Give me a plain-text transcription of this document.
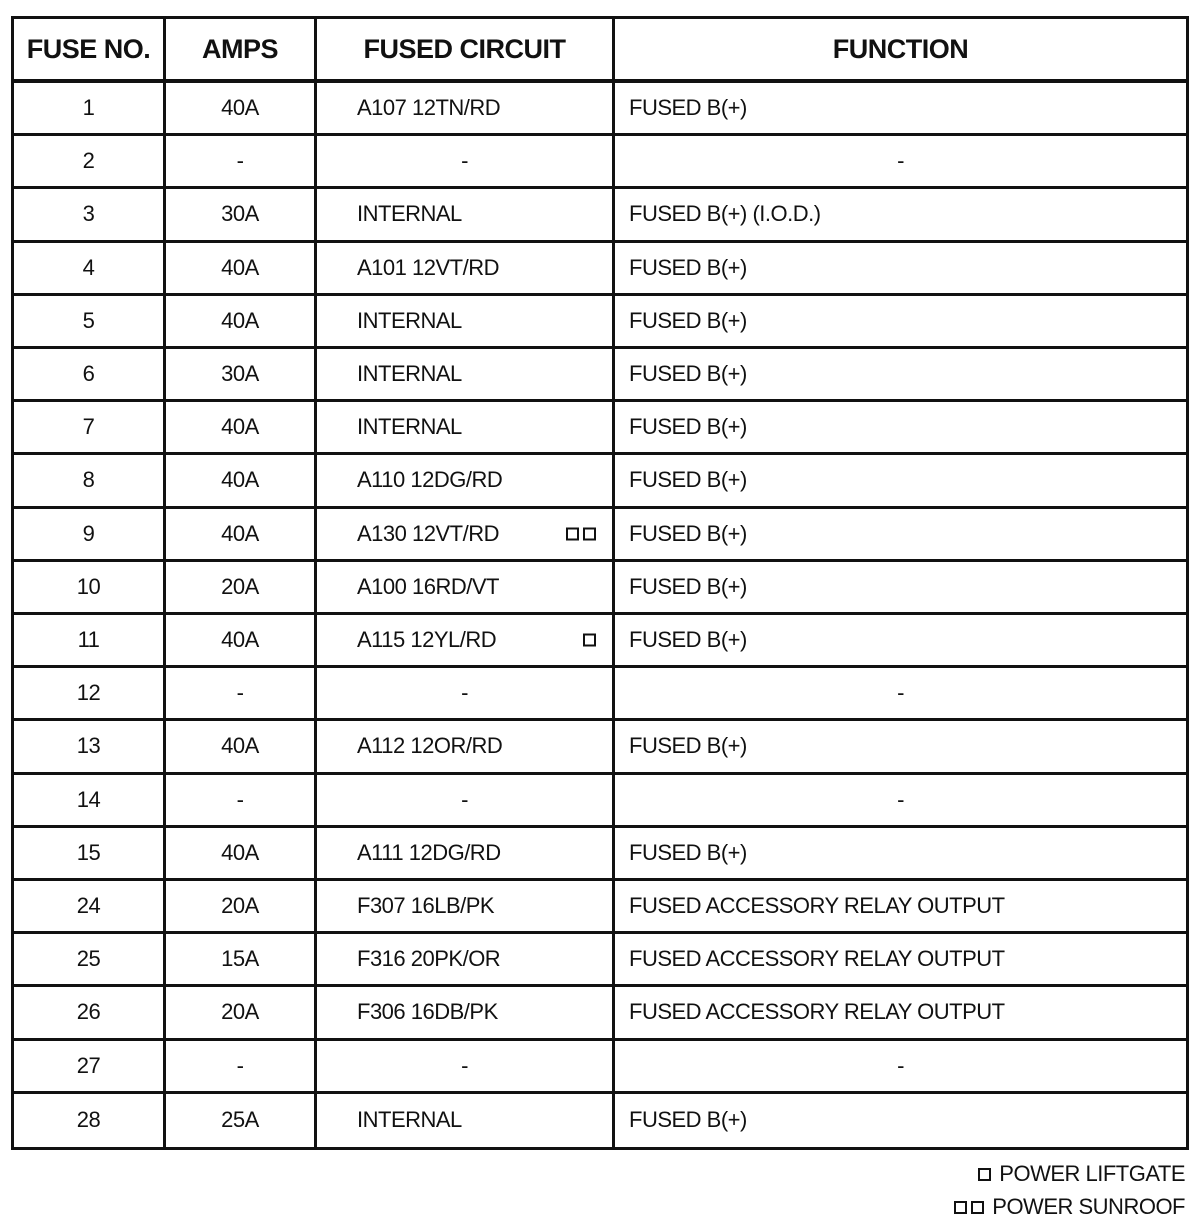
FUSE NO.	AMPS	FUSED CIRCUIT	FUNCTION
1	40A	A107 12TN/RD	FUSED B(+)
2	-	-	-
3	30A	INTERNAL	FUSED B(+) (I.O.D.)
4	40A	A101 12VT/RD	FUSED B(+)
5	40A	INTERNAL	FUSED B(+)
6	30A	INTERNAL	FUSED B(+)
7	40A	INTERNAL	FUSED B(+)
8	40A	A110 12DG/RD	FUSED B(+)
9	40A	A130 12VT/RD	FUSED B(+)
10	20A	A100 16RD/VT	FUSED B(+)
11	40A	A115 12YL/RD	FUSED B(+)
12	-	-	-
13	40A	A112 12OR/RD	FUSED B(+)
14	-	-	-
15	40A	A111 12DG/RD	FUSED B(+)
24	20A	F307 16LB/PK	FUSED ACCESSORY RELAY OUTPUT
25	15A	F316 20PK/OR	FUSED ACCESSORY RELAY OUTPUT
26	20A	F306 16DB/PK	FUSED ACCESSORY RELAY OUTPUT
27	-	-	-
28	25A	INTERNAL	FUSED B(+)
POWER LIFTGATE
POWER SUNROOF
